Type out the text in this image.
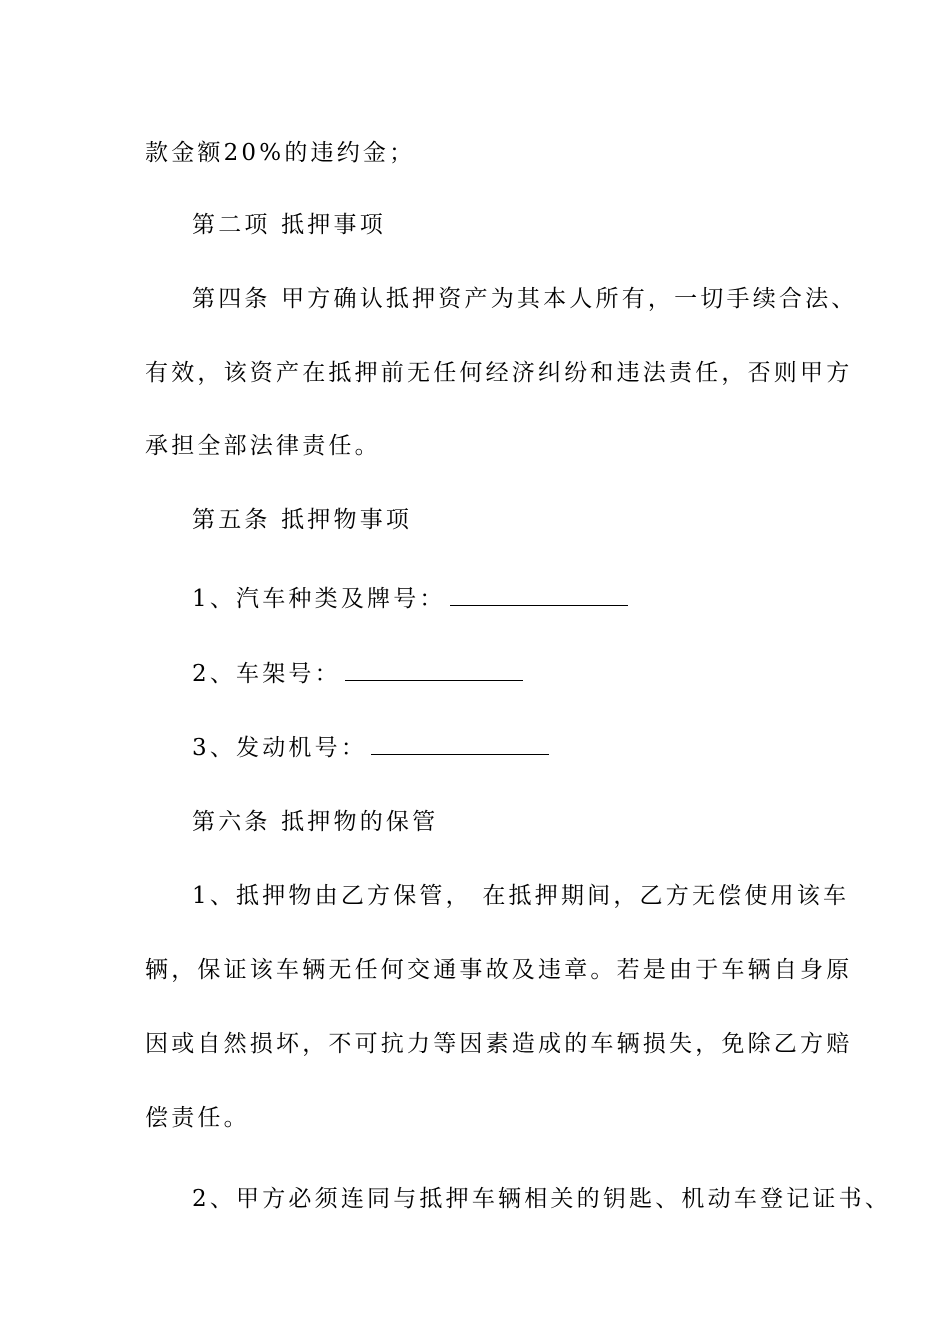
款金额20%的违约金；
第二项 抵押事项
第四条 甲方确认抵押资产为其本人所有，一切手续合法、
有效，该资产在抵押前无任何经济纠纷和违法责任，否则甲方
承担全部法律责任。
第五条 抵押物事项
1、汽车种类及牌号：
2、车架号：
3、发动机号：
第六条 抵押物的保管
1、抵押物由乙方保管， 在抵押期间，乙方无偿使用该车
辆，保证该车辆无任何交通事故及违章。若是由于车辆自身原
因或自然损坏，不可抗力等因素造成的车辆损失，免除乙方赔
偿责任。
2、甲方必须连同与抵押车辆相关的钥匙、机动车登记证书、
